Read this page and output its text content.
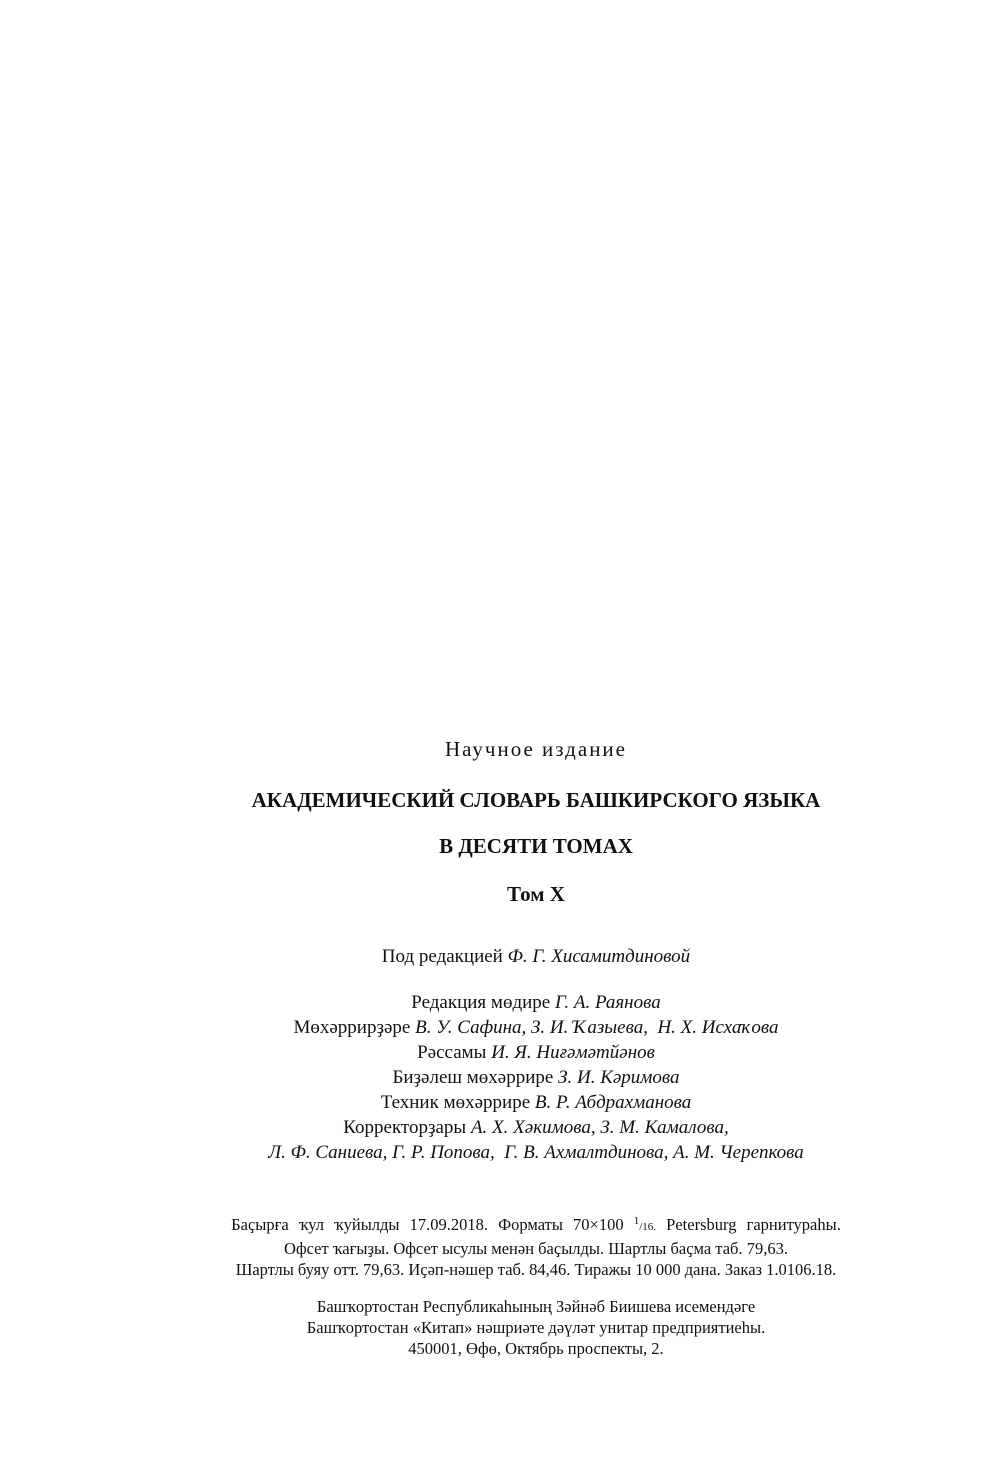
Научное издание
АКАДЕМИЧЕСКИЙ СЛОВАРЬ БАШКИРСКОГО ЯЗЫКА
В ДЕСЯТИ ТОМАХ
Том X
Под редакцией Ф. Г. Хисамитдиновой
Редакция мөдире Г. А. Раянова
Мөхәррирҙәре В. У. Сафина, З. И. Ҡазыева,  Н. Х. Исхаҡова
Рәссамы И. Я. Ниғәмәтйәнов
Биҙәлеш мөхәррире З. И. Кәримова
Техник мөхәррире В. Р. Абдрахманова
Корректорҙары А. Х. Хәкимова, З. М. Камалова,
Л. Ф. Саниева, Г. Р. Попова,  Г. В. Ахмалтдинова, А. М. Черепкова
Баҫырға ҡул ҡуйылды 17.09.2018. Форматы 70×100 $^1$/16. Petersburg гарнитураһы.
Офсет ҡағыҙы. Офсет ысулы менән баҫылды. Шартлы баҫма таб. 79,63.
Шартлы буяу отт. 79,63. Иҫәп-нәшер таб. 84,46. Тиражы 10 000 дана. Заказ 1.0106.18.
Башҡортостан Республикаһының Зәйнәб Биишева исемендәге
Башҡортостан «Китап» нәшриәте дәүләт унитар предприятиеһы.
450001, Өфө, Октябрь проспекты, 2.
